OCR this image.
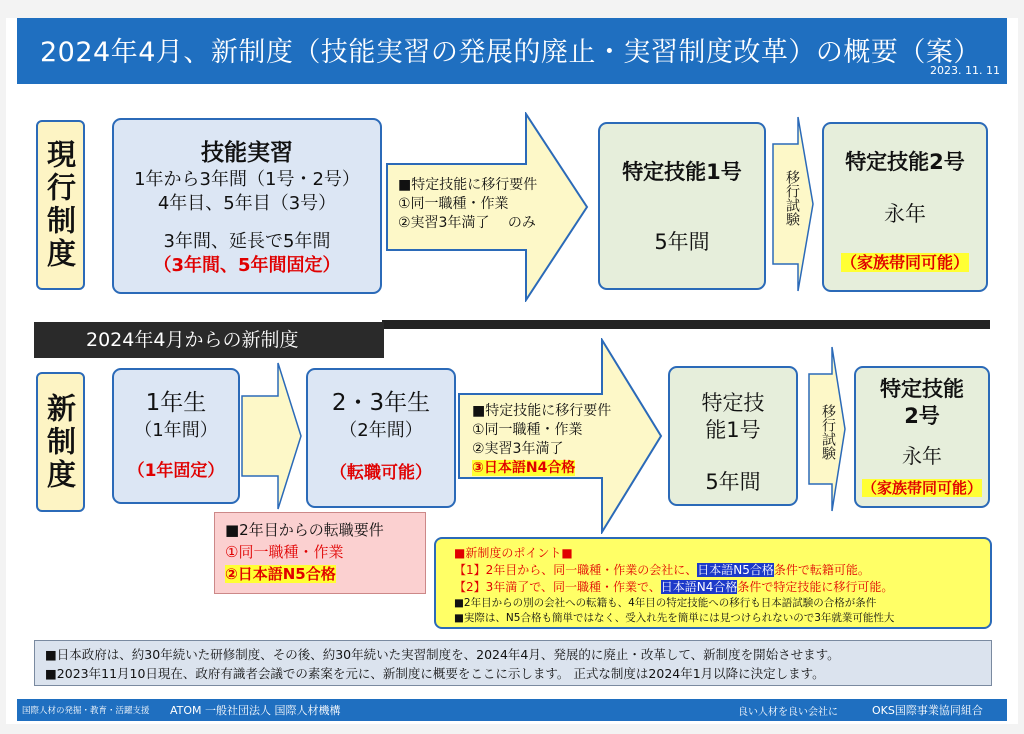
2024年4月、新制度（技能実習の発展的廃止・実習制度改革）の概要（案）
2023. 11. 11
現行制度	技能実習
1年から3年間（1号・2号）
4年目、5年目（3号）
3年間、延長で5年間
（3年間、5年間固定）
■特定技能に移行要件
①同一職種・作業
②実習3年満了　 のみ
特定技能1号
5年間
移行試験
特定技能2号
永年
（家族帯同可能）
2024年4月からの新制度
新制度	1年生
（1年間）
（1年固定）
2・3年生
（2年間）
（転職可能）
■特定技能に移行要件
①同一職種・作業
②実習3年満了
③日本語N4合格
特定技
能1号
5年間
移行試験
特定技能
2号
永年
（家族帯同可能）
■2年目からの転職要件
①同一職種・作業
②日本語N5合格
■新制度のポイント■
【1】2年目から、同一職種・作業の会社に、日本語N5合格条件で転籍可能。
【2】3年満了で、同一職種・作業で、日本語N4合格条件で特定技能に移行可能。
■2年目からの別の会社への転籍も、4年目の特定技能への移行も日本語試験の合格が条件
■実際は、N5合格も簡単ではなく、受入れ先を簡単には見つけられないので3年就業可能性大
■日本政府は、約30年続いた研修制度、その後、約30年続いた実習制度を、2024年4月、発展的に廃止・改革して、新制度を開始させます。
■2023年11月10日現在、政府有識者会議での素案を元に、新制度に概要をここに示します。 正式な制度は2024年1月以降に決定します。
国際人材の発掘・教育・活躍支援 ATOM 一般社団法人 国際人材機構	良い人材を良い会社に	OKS国際事業協同組合
